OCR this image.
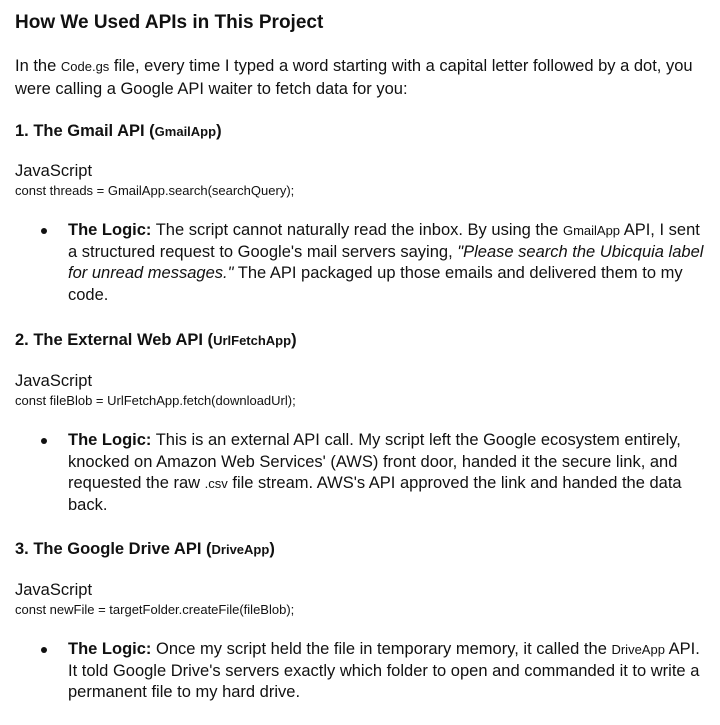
How We Used APIs in This Project

In the Code.gs file, every time I typed a word starting with a capital letter followed by a dot, you were calling a Google API waiter to fetch data for you:

1. The Gmail API (GmailApp)

JavaScript

const threads = GmailApp.search(searchQuery);

The Logic: The script cannot naturally read the inbox. By using the GmailApp API, I sent a structured request to Google's mail servers saying, "Please search the Ubicquia label for unread messages." The API packaged up those emails and delivered them to my code.
2. The External Web API (UrlFetchApp)

JavaScript

const fileBlob = UrlFetchApp.fetch(downloadUrl);

The Logic: This is an external API call. My script left the Google ecosystem entirely, knocked on Amazon Web Services' (AWS) front door, handed it the secure link, and requested the raw .csv file stream. AWS's API approved the link and handed the data back.
3. The Google Drive API (DriveApp)

JavaScript

const newFile = targetFolder.createFile(fileBlob);

The Logic: Once my script held the file in temporary memory, it called the DriveApp API. It told Google Drive's servers exactly which folder to open and commanded it to write a permanent file to my hard drive.
